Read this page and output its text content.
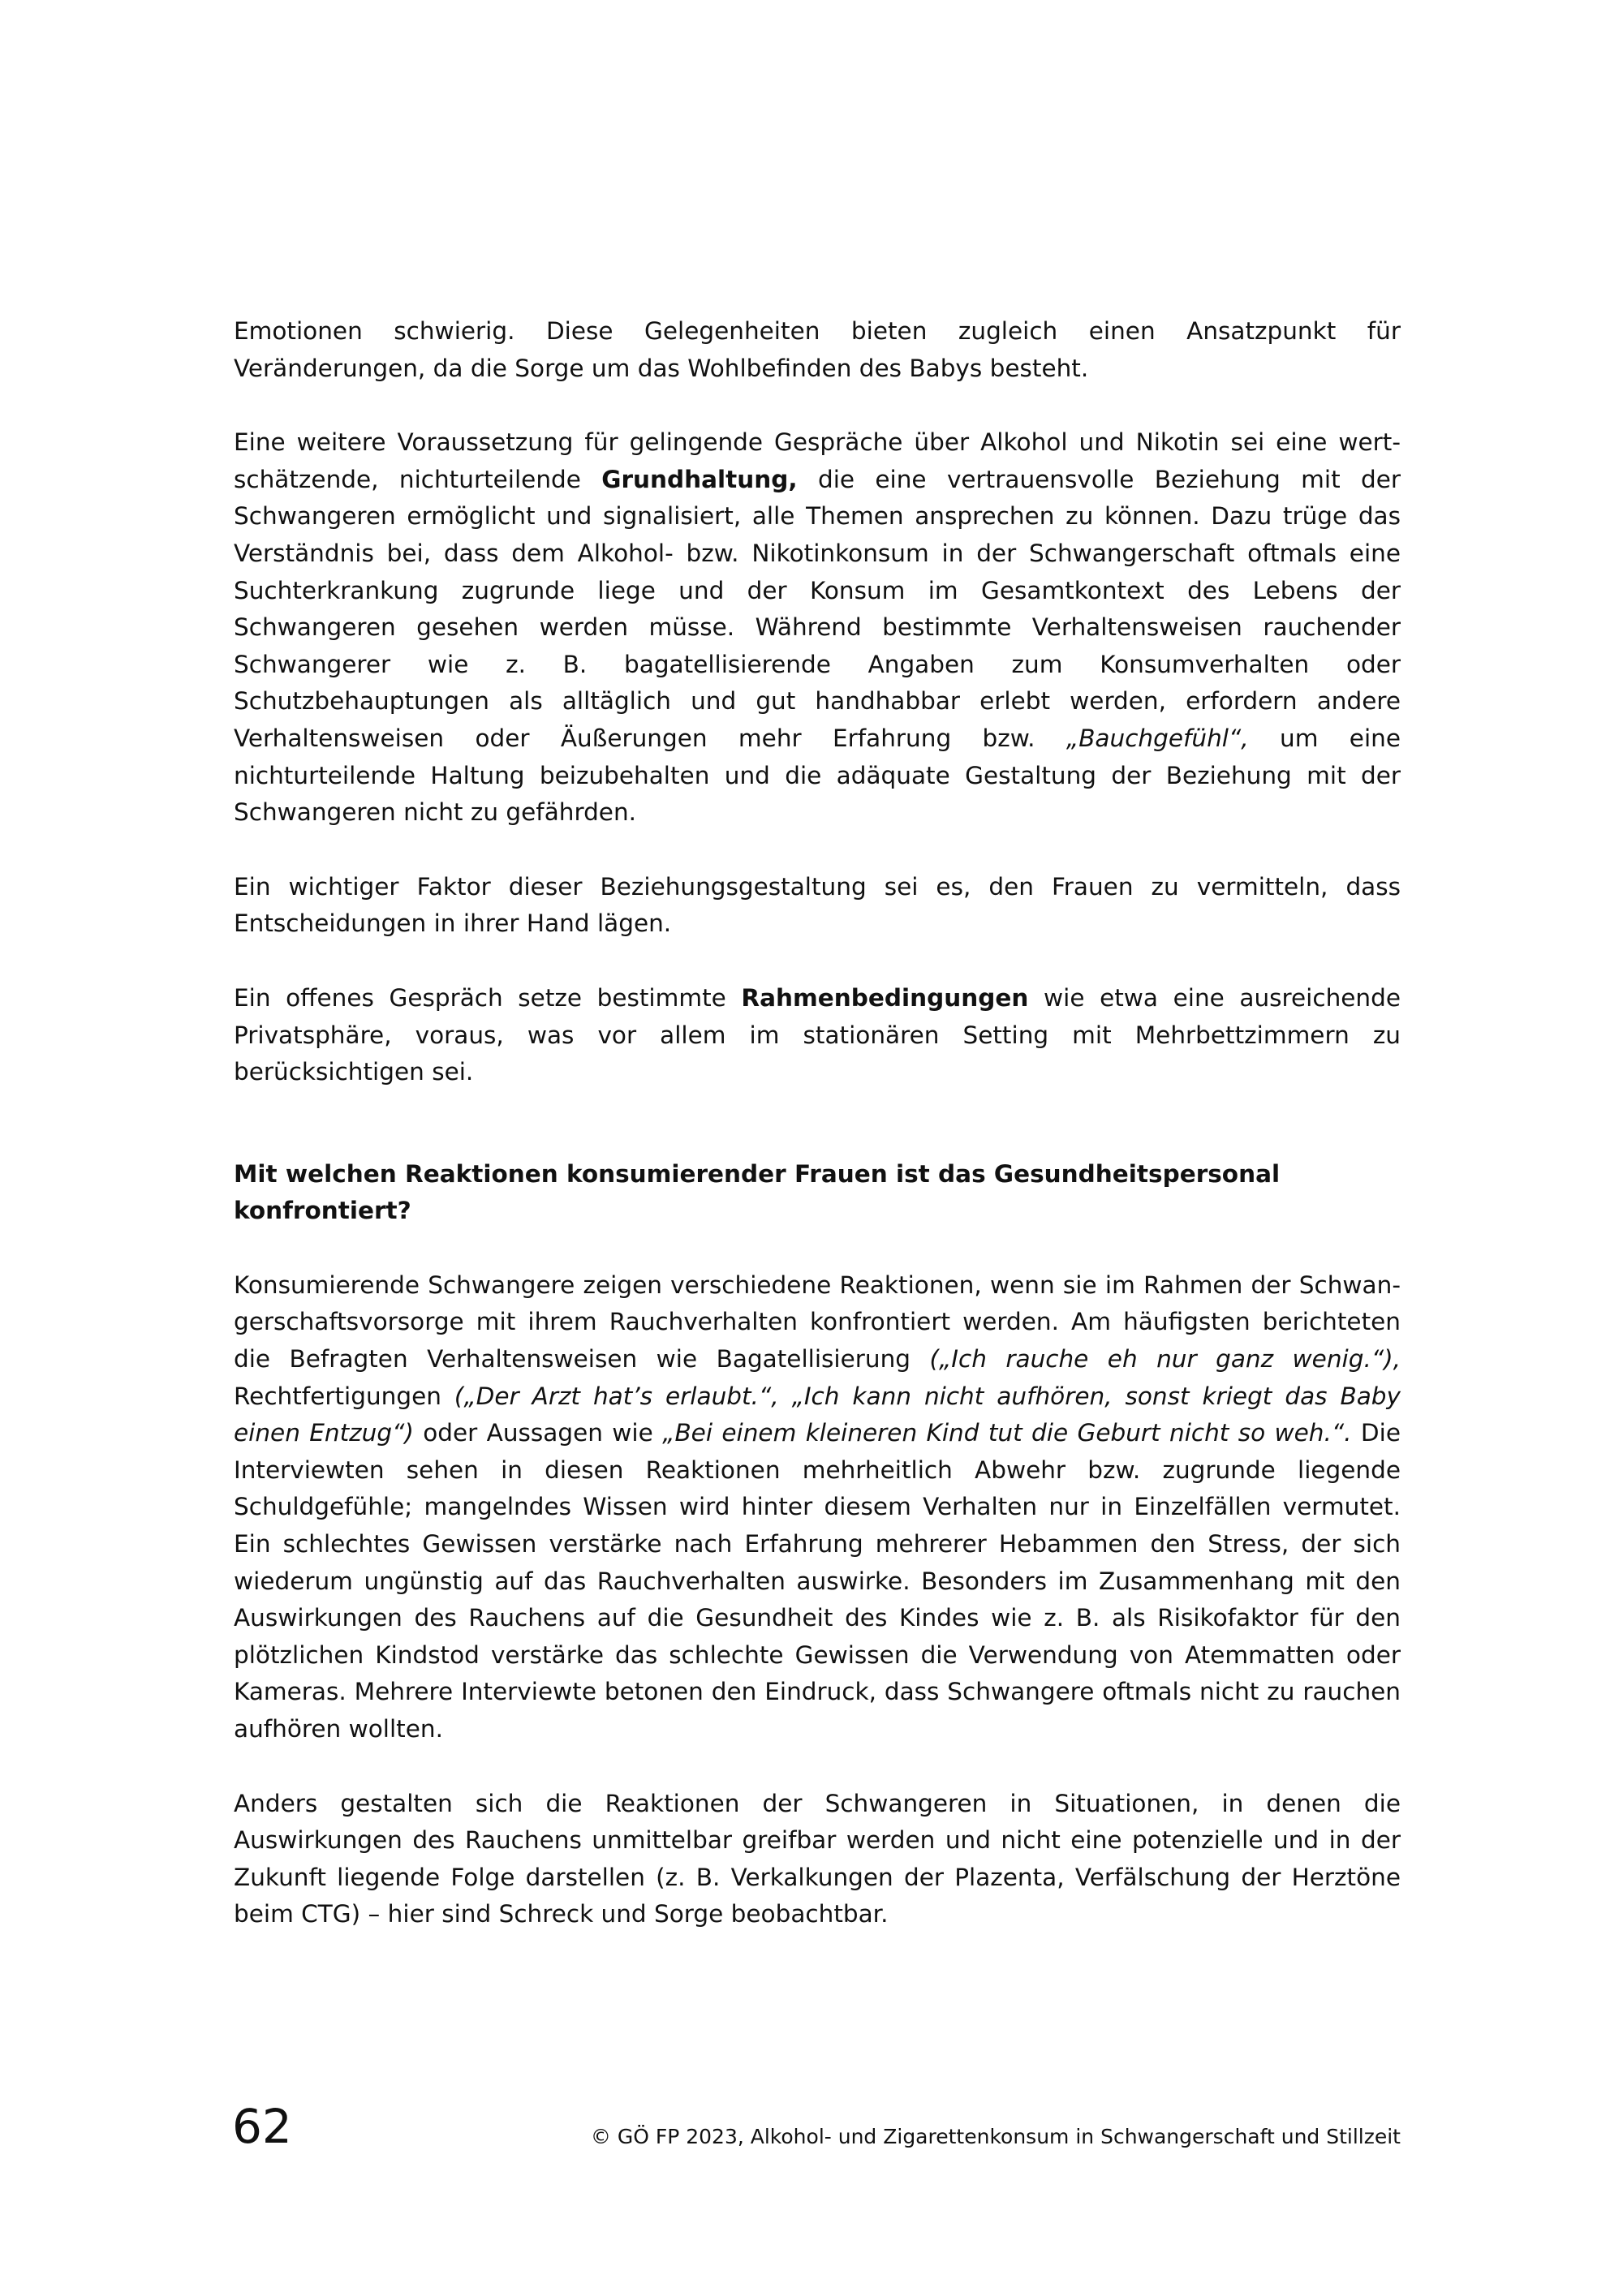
Emotionen schwierig. Diese Gelegenheiten bieten zugleich einen Ansatzpunkt für Veränderungen, da die Sorge um das Wohlbefinden des Babys besteht.

Eine weitere Voraussetzung für gelingende Gespräche über Alkohol und Nikotin sei eine wertschätzende, nichturteilende Grundhaltung, die eine vertrauensvolle Beziehung mit der Schwangeren ermöglicht und signalisiert, alle Themen ansprechen zu können. Dazu trüge das Verständnis bei, dass dem Alkohol- bzw. Nikotinkonsum in der Schwangerschaft oftmals eine Suchterkrankung zugrunde liege und der Konsum im Gesamtkontext des Lebens der Schwangeren gesehen werden müsse. Während bestimmte Verhaltensweisen rauchender Schwangerer wie z. B. bagatellisierende Angaben zum Konsumverhalten oder Schutzbehauptungen als alltäglich und gut handhabbar erlebt werden, erfordern andere Verhaltensweisen oder Äußerungen mehr Erfahrung bzw. „Bauchgefühl“, um eine nichturteilende Haltung beizubehalten und die adäquate Gestaltung der Beziehung mit der Schwangeren nicht zu gefährden.

Ein wichtiger Faktor dieser Beziehungsgestaltung sei es, den Frauen zu vermitteln, dass Entscheidungen in ihrer Hand lägen.

Ein offenes Gespräch setze bestimmte Rahmenbedingungen wie etwa eine ausreichende Privatsphäre, voraus, was vor allem im stationären Setting mit Mehrbettzimmern zu berücksichtigen sei.

Mit welchen Reaktionen konsumierender Frauen ist das Gesundheitspersonal konfrontiert?

Konsumierende Schwangere zeigen verschiedene Reaktionen, wenn sie im Rahmen der Schwangerschaftsvorsorge mit ihrem Rauchverhalten konfrontiert werden. Am häufigsten berichteten die Befragten Verhaltensweisen wie Bagatellisierung („Ich rauche eh nur ganz wenig.“), Rechtfertigungen („Der Arzt hat’s erlaubt.“, „Ich kann nicht aufhören, sonst kriegt das Baby einen Entzug“) oder Aussagen wie „Bei einem kleineren Kind tut die Geburt nicht so weh.“. Die Interviewten sehen in diesen Reaktionen mehrheitlich Abwehr bzw. zugrunde liegende Schuldgefühle; mangelndes Wissen wird hinter diesem Verhalten nur in Einzelfällen vermutet. Ein schlechtes Gewissen verstärke nach Erfahrung mehrerer Hebammen den Stress, der sich wiederum ungünstig auf das Rauchverhalten auswirke. Besonders im Zusammenhang mit den Auswirkungen des Rauchens auf die Gesundheit des Kindes wie z. B. als Risikofaktor für den plötzlichen Kindstod verstärke das schlechte Gewissen die Verwendung von Atemmatten oder Kameras. Mehrere Interviewte betonen den Eindruck, dass Schwangere oftmals nicht zu rauchen aufhören wollten.

Anders gestalten sich die Reaktionen der Schwangeren in Situationen, in denen die Auswirkungen des Rauchens unmittelbar greifbar werden und nicht eine potenzielle und in der Zukunft liegende Folge darstellen (z. B. Verkalkungen der Plazenta, Verfälschung der Herztöne beim CTG) – hier sind Schreck und Sorge beobachtbar.

62	© GÖ FP 2023, Alkohol- und Zigarettenkonsum in Schwangerschaft und Stillzeit
